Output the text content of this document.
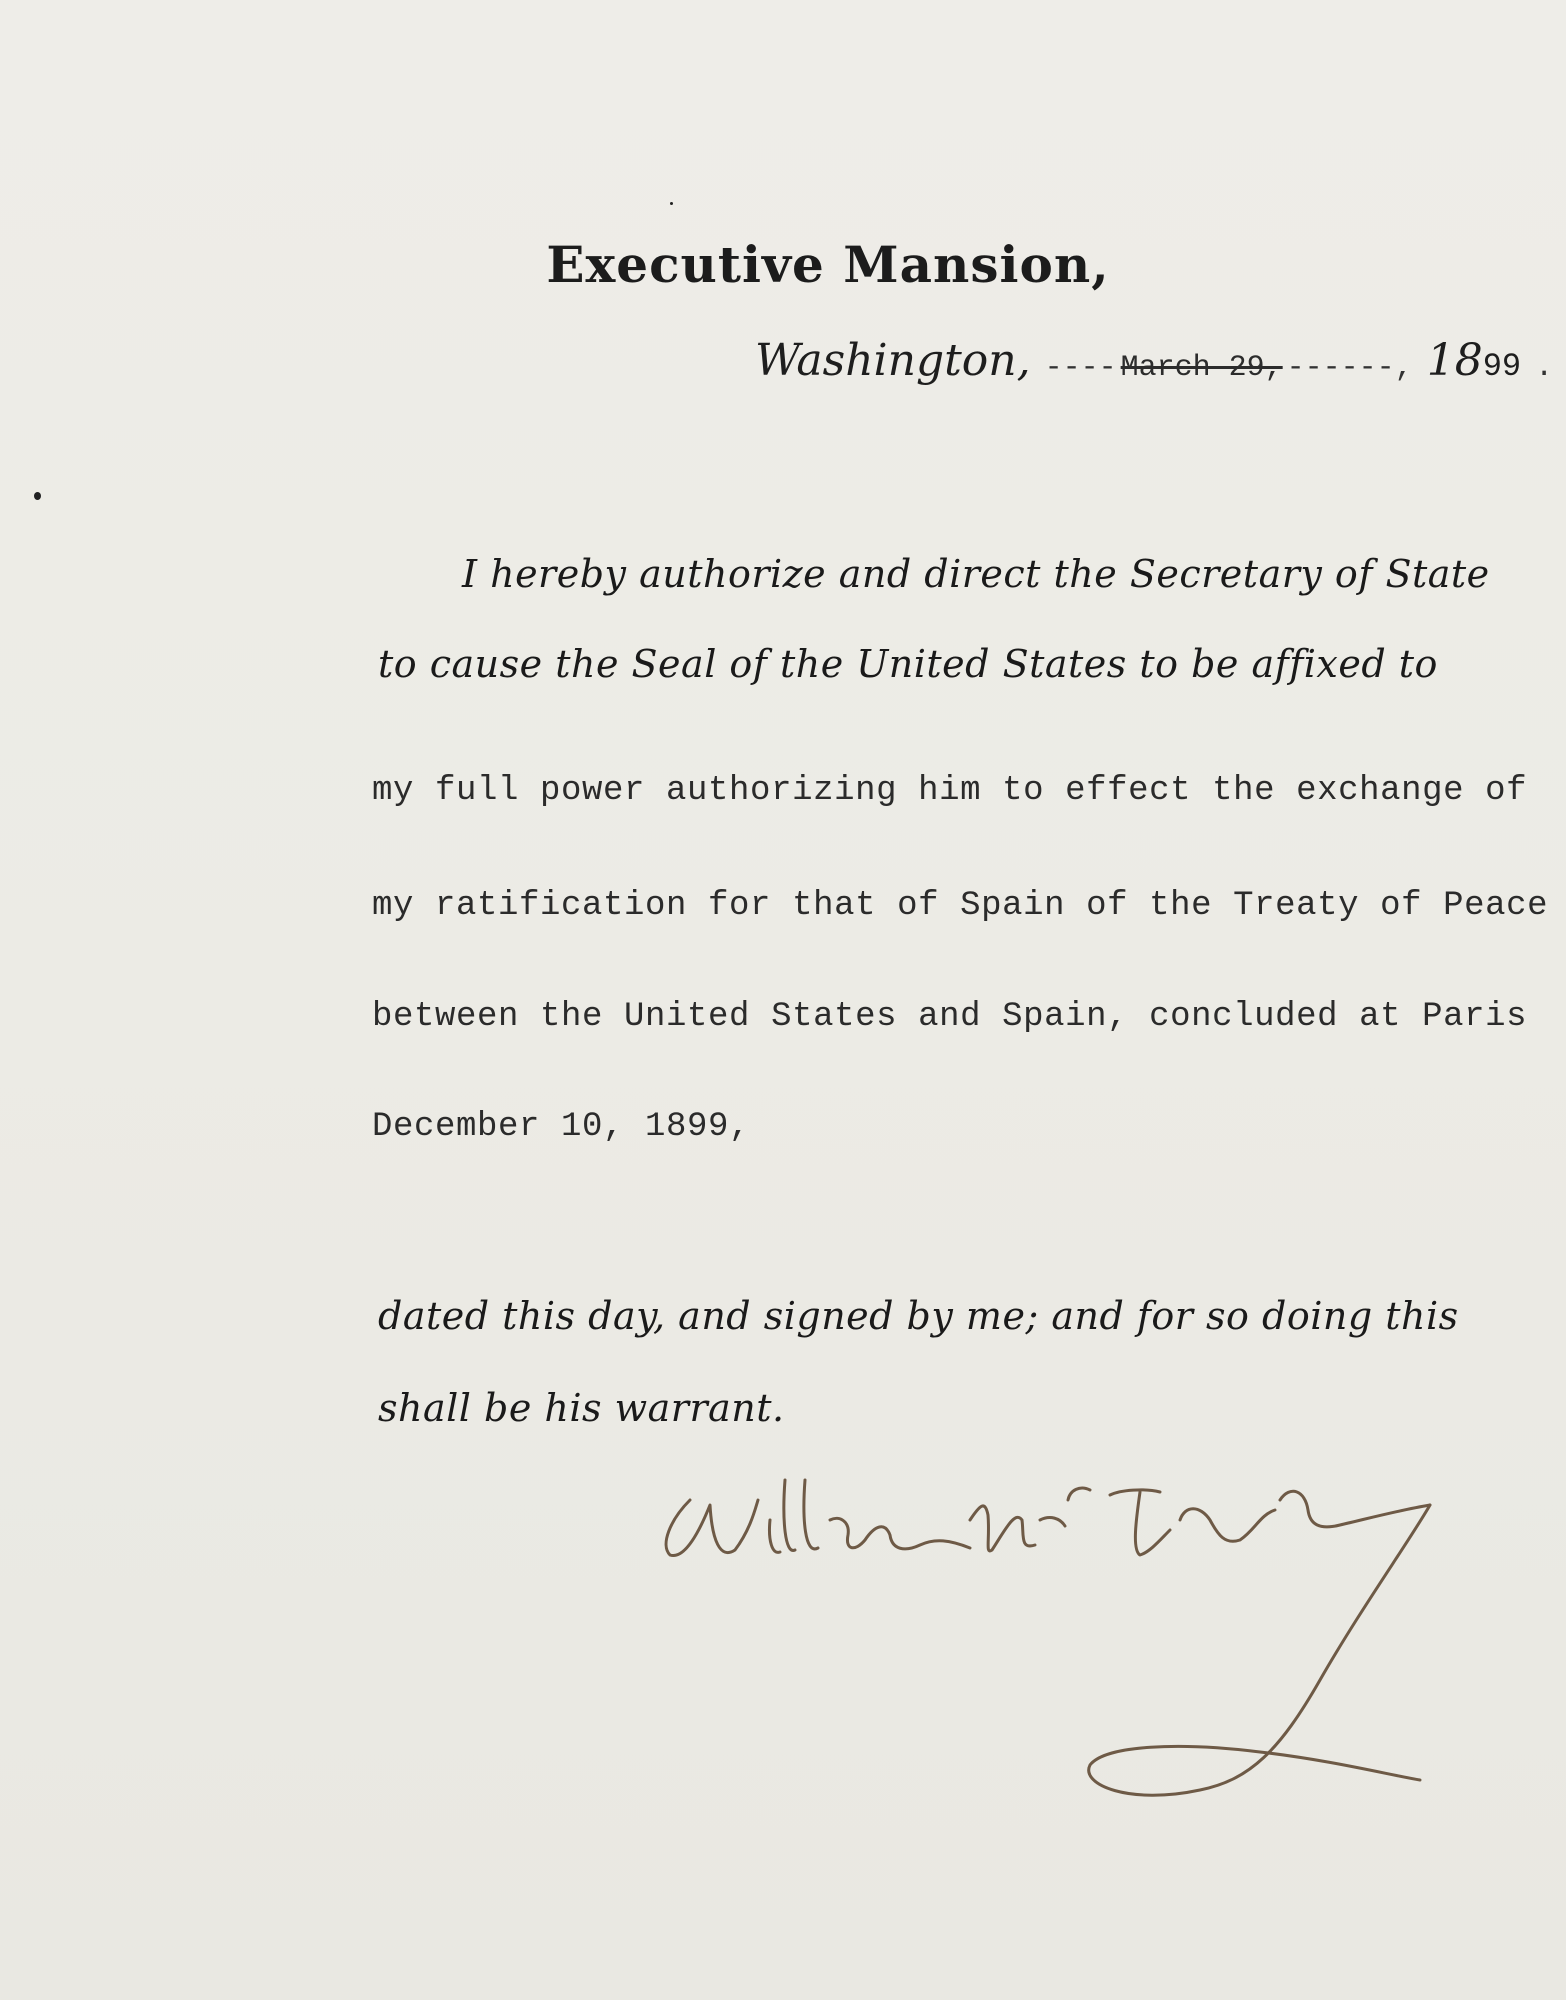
Executive Mansion,
Washington, ---- March 29, ------, 1899 .
I hereby authorize and direct the Secretary of State
to cause the Seal of the United States to be affixed to
my full power authorizing him to effect the exchange of
my ratification for that of Spain of the Treaty of Peace
between the United States and Spain, concluded at Paris
December 10, 1899,
dated this day, and signed by me; and for so doing this
shall be his warrant.
